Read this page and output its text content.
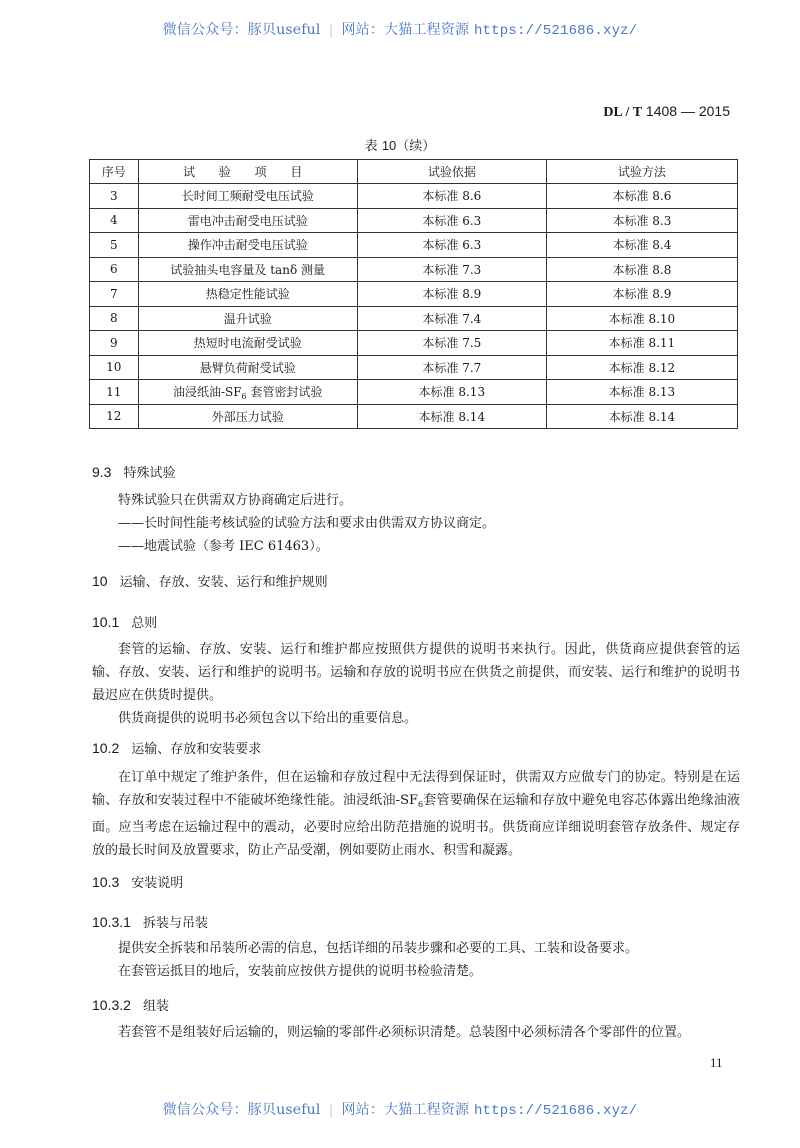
微信公众号：豚贝useful | 网站：大猫工程资源 https://521686.xyz/
DL / T 1408 — 2015
表 10（续）
序号	试 验 项 目	试验依据	试验方法
3	长时间工频耐受电压试验	本标准 8.6	本标准 8.6
4	雷电冲击耐受电压试验	本标准 6.3	本标准 8.3
5	操作冲击耐受电压试验	本标准 6.3	本标准 8.4
6	试验抽头电容量及 tanδ 测量	本标准 7.3	本标准 8.8
7	热稳定性能试验	本标准 8.9	本标准 8.9
8	温升试验	本标准 7.4	本标准 8.10
9	热短时电流耐受试验	本标准 7.5	本标准 8.11
10	悬臂负荷耐受试验	本标准 7.7	本标准 8.12
11	油浸纸油$-SF_6$ 套管密封试验	本标准 8.13	本标准 8.13
12	外部压力试验	本标准 8.14	本标准 8.14
9.3 特殊试验

特殊试验只在供需双方协商确定后进行。

——长时间性能考核试验的试验方法和要求由供需双方协议商定。

——地震试验（参考 IEC 61463）。

10 运输、存放、安装、运行和维护规则
10.1 总则

套管的运输、存放、安装、运行和维护都应按照供方提供的说明书来执行。因此，供货商应提供套管的运输、存放、安装、运行和维护的说明书。运输和存放的说明书应在供货之前提供，而安装、运行和维护的说明书最迟应在供货时提供。

供货商提供的说明书必须包含以下给出的重要信息。

10.2 运输、存放和安装要求

在订单中规定了维护条件，但在运输和存放过程中无法得到保证时，供需双方应做专门的协定。特别是在运输、存放和安装过程中不能破坏绝缘性能。油浸纸油$-SF_6$套管要确保在运输和存放中避免电容芯体露出绝缘油液面。应当考虑在运输过程中的震动，必要时应给出防范措施的说明书。供货商应详细说明套管存放条件、规定存放的最长时间及放置要求，防止产品受潮，例如要防止雨水、积雪和凝露。

10.3 安装说明
10.3.1 拆装与吊装

提供安全拆装和吊装所必需的信息，包括详细的吊装步骤和必要的工具、工装和设备要求。

在套管运抵目的地后，安装前应按供方提供的说明书检验清楚。

10.3.2 组装

若套管不是组装好后运输的，则运输的零部件必须标识清楚。总装图中必须标清各个零部件的位置。

11
微信公众号：豚贝useful | 网站：大猫工程资源 https://521686.xyz/
